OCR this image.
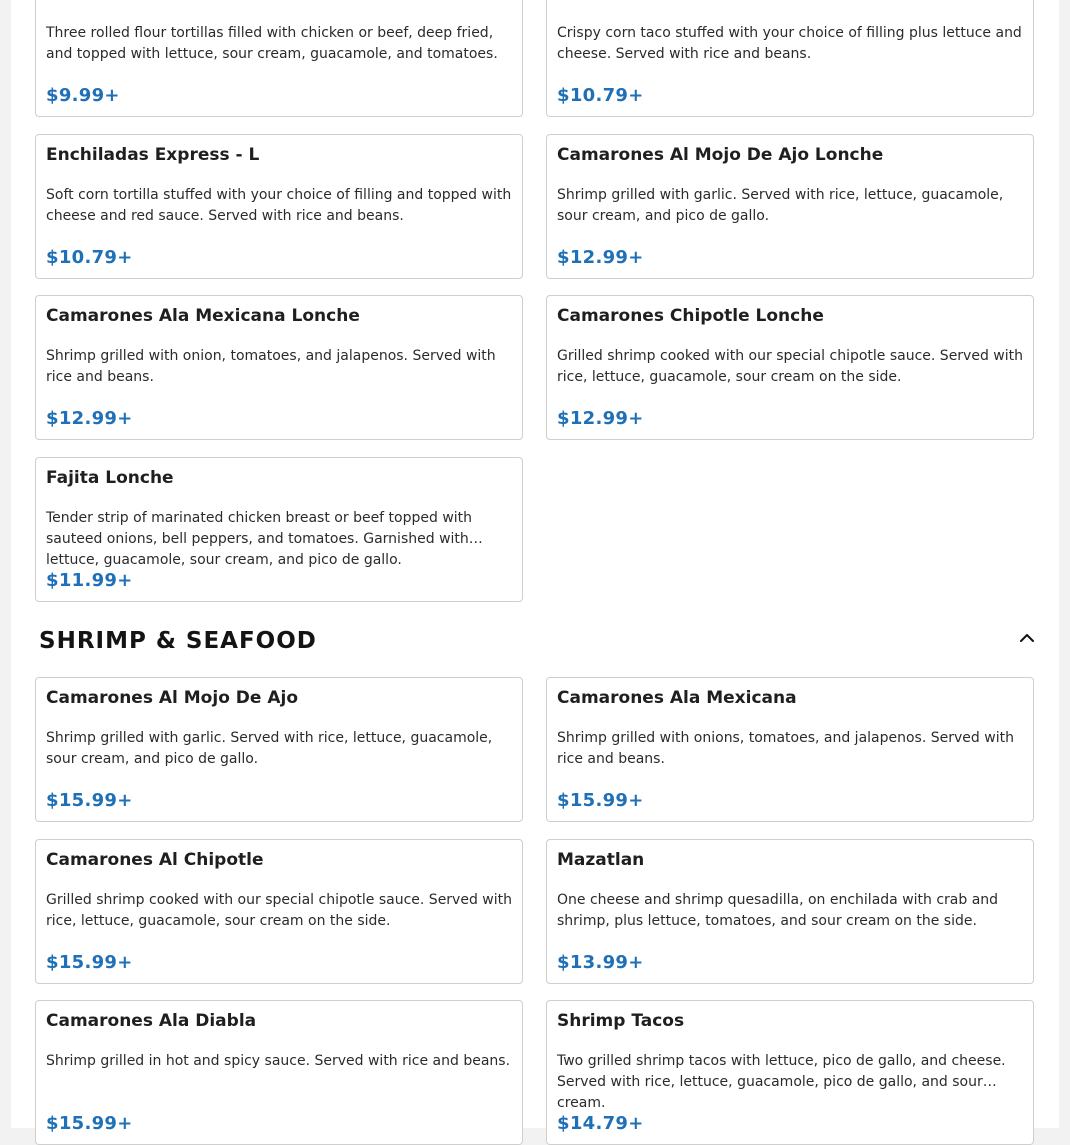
Three rolled flour tortillas filled with chicken or beef, deep fried, and topped with lettuce, sour cream, guacamole, and tomatoes.
$9.99+
Crispy corn taco stuffed with your choice of filling plus lettuce and cheese. Served with rice and beans.
$10.79+
Enchiladas Express - L
Soft corn tortilla stuffed with your choice of filling and topped with cheese and red sauce. Served with rice and beans.
$10.79+
Camarones Al Mojo De Ajo Lonche
Shrimp grilled with garlic. Served with rice, lettuce, guacamole, sour cream, and pico de gallo.
$12.99+
Camarones Ala Mexicana Lonche
Shrimp grilled with onion, tomatoes, and jalapenos. Served with rice and beans.
$12.99+
Camarones Chipotle Lonche
Grilled shrimp cooked with our special chipotle sauce. Served with rice, lettuce, guacamole, sour cream on the side.
$12.99+
Fajita Lonche
Tender strip of marinated chicken breast or beef topped with sauteed onions, bell peppers, and tomatoes. Garnished with lettuce, guacamole, sour cream, and pico de gallo.
$11.99+
SHRIMP & SEAFOOD
Camarones Al Mojo De Ajo
Shrimp grilled with garlic. Served with rice, lettuce, guacamole, sour cream, and pico de gallo.
$15.99+
Camarones Ala Mexicana
Shrimp grilled with onions, tomatoes, and jalapenos. Served with rice and beans.
$15.99+
Camarones Al Chipotle
Grilled shrimp cooked with our special chipotle sauce. Served with rice, lettuce, guacamole, sour cream on the side.
$15.99+
Mazatlan
One cheese and shrimp quesadilla, on enchilada with crab and shrimp, plus lettuce, tomatoes, and sour cream on the side.
$13.99+
Camarones Ala Diabla
Shrimp grilled in hot and spicy sauce. Served with rice and beans.
$15.99+
Shrimp Tacos
Two grilled shrimp tacos with lettuce, pico de gallo, and cheese. Served with rice, lettuce, guacamole, pico de gallo, and sour cream.
$14.79+
